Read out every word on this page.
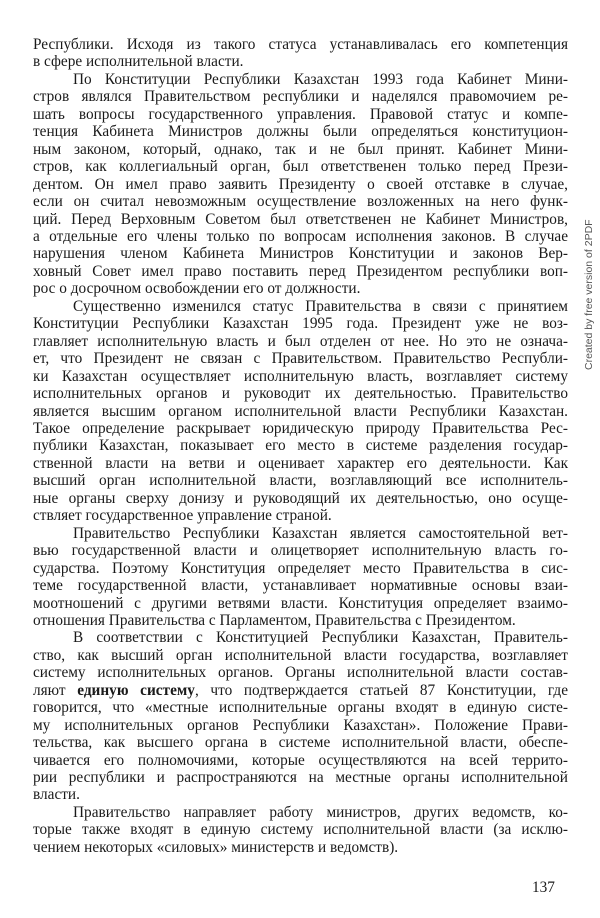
Республики. Исходя из такого статуса устанавливалась его компетенция
в сфере исполнительной власти.
По Конституции Республики Казахстан 1993 года Кабинет Мини-
стров являлся Правительством республики и наделялся правомочием ре-
шать вопросы государственного управления. Правовой статус и компе-
тенция Кабинета Министров должны были определяться конституцион-
ным законом, который, однако, так и не был принят. Кабинет Мини-
стров, как коллегиальный орган, был ответственен только перед Прези-
дентом. Он имел право заявить Президенту о своей отставке в случае,
если он считал невозможным осуществление возложенных на него функ-
ций. Перед Верховным Советом был ответственен не Кабинет Министров,
а отдельные его члены только по вопросам исполнения законов. В случае
нарушения членом Кабинета Министров Конституции и законов Вер-
ховный Совет имел право поставить перед Президентом республики воп-
рос о досрочном освобождении его от должности.
Существенно изменился статус Правительства в связи с принятием
Конституции Республики Казахстан 1995 года. Президент уже не воз-
главляет исполнительную власть и был отделен от нее. Но это не означа-
ет, что Президент не связан с Правительством. Правительство Республи-
ки Казахстан осуществляет исполнительную власть, возглавляет систему
исполнительных органов и руководит их деятельностью. Правительство
является высшим органом исполнительной власти Республики Казахстан.
Такое определение раскрывает юридическую природу Правительства Рес-
публики Казахстан, показывает его место в системе разделения государ-
ственной власти на ветви и оценивает характер его деятельности. Как
высший орган исполнительной власти, возглавляющий все исполнитель-
ные органы сверху донизу и руководящий их деятельностью, оно осуще-
ствляет государственное управление страной.
Правительство Республики Казахстан является самостоятельной вет-
вью государственной власти и олицетворяет исполнительную власть го-
сударства. Поэтому Конституция определяет место Правительства в сис-
теме государственной власти, устанавливает нормативные основы взаи-
моотношений с другими ветвями власти. Конституция определяет взаимо-
отношения Правительства с Парламентом, Правительства с Президентом.
В соответствии с Конституцией Республики Казахстан, Правитель-
ство, как высший орган исполнительной власти государства, возглавляет
систему исполнительных органов. Органы исполнительной власти состав-
ляют единую систему, что подтверждается статьей 87 Конституции, где
говорится, что «местные исполнительные органы входят в единую систе-
му исполнительных органов Республики Казахстан». Положение Прави-
тельства, как высшего органа в системе исполнительной власти, обеспе-
чивается его полномочиями, которые осуществляются на всей террито-
рии республики и распространяются на местные органы исполнительной
власти.
Правительство направляет работу министров, других ведомств, ко-
торые также входят в единую систему исполнительной власти (за исклю-
чением некоторых «силовых» министерств и ведомств).
137
Created by free version of 2PDF
